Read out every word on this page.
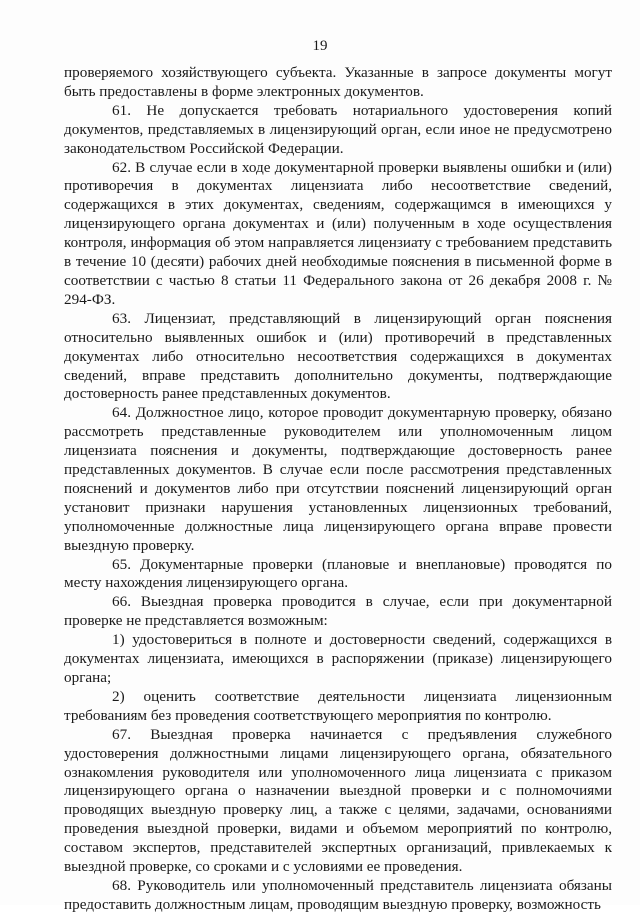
19

проверяемого хозяйствующего субъекта. Указанные в запросе документы могут быть предоставлены в форме электронных документов.

61. Не допускается требовать нотариального удостоверения копий документов, представляемых в лицензирующий орган, если иное не предусмотрено законодательством Российской Федерации.

62. В случае если в ходе документарной проверки выявлены ошибки и (или) противоречия в документах лицензиата либо несоответствие сведений, содержащихся в этих документах, сведениям, содержащимся в имеющихся у лицензирующего органа документах и (или) полученным в ходе осуществления контроля, информация об этом направляется лицензиату с требованием представить в течение 10 (десяти) рабочих дней необходимые пояснения в письменной форме в соответствии с частью 8 статьи 11 Федерального закона от 26 декабря 2008 г. № 294-ФЗ.

63. Лицензиат, представляющий в лицензирующий орган пояснения относительно выявленных ошибок и (или) противоречий в представленных документах либо относительно несоответствия содержащихся в документах сведений, вправе представить дополнительно документы, подтверждающие достоверность ранее представленных документов.

64. Должностное лицо, которое проводит документарную проверку, обязано рассмотреть представленные руководителем или уполномоченным лицом лицензиата пояснения и документы, подтверждающие достоверность ранее представленных документов. В случае если после рассмотрения представленных пояснений и документов либо при отсутствии пояснений лицензирующий орган установит признаки нарушения установленных лицензионных требований, уполномоченные должностные лица лицензирующего органа вправе провести выездную проверку.

65. Документарные проверки (плановые и внеплановые) проводятся по месту нахождения лицензирующего органа.

66. Выездная проверка проводится в случае, если при документарной проверке не представляется возможным:

1) удостовериться в полноте и достоверности сведений, содержащихся в документах лицензиата, имеющихся в распоряжении (приказе) лицензирующего органа;

2) оценить соответствие деятельности лицензиата лицензионным требованиям без проведения соответствующего мероприятия по контролю.

67. Выездная проверка начинается с предъявления служебного удостоверения должностными лицами лицензирующего органа, обязательного ознакомления руководителя или уполномоченного лица лицензиата с приказом лицензирующего органа о назначении выездной проверки и с полномочиями проводящих выездную проверку лиц, а также с целями, задачами, основаниями проведения выездной проверки, видами и объемом мероприятий по контролю, составом экспертов, представителей экспертных организаций, привлекаемых к выездной проверке, со сроками и с условиями ее проведения.

68. Руководитель или уполномоченный представитель лицензиата обязаны предоставить должностным лицам, проводящим выездную проверку, возможность
